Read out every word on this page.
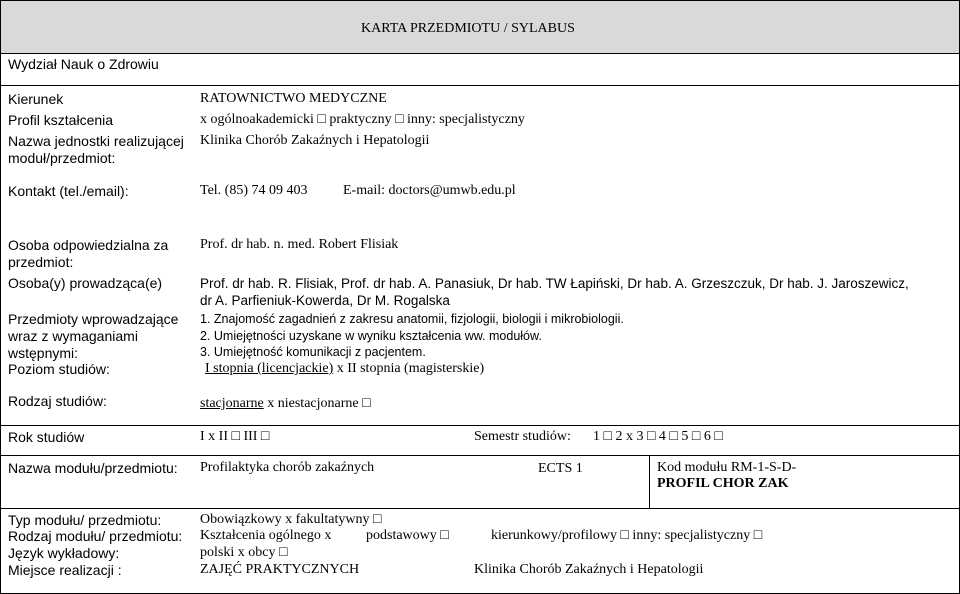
KARTA PRZEDMIOTU / SYLABUS
Wydział Nauk o Zdrowiu
Kierunek	RATOWNICTWO MEDYCZNE
Profil kształcenia	x ogólnoakademicki □ praktyczny □ inny: specjalistyczny
Nazwa jednostki realizującej
moduł/przedmiot:
Klinika Chorób Zakaźnych i Hepatologii
Kontakt (tel./email):	Tel. (85) 74 09 403	E-mail: doctors@umwb.edu.pl
Osoba odpowiedzialna za
przedmiot:
Prof. dr hab. n. med. Robert Flisiak
Osoba(y) prowadząca(e)	Prof. dr hab. R. Flisiak, Prof. dr hab. A. Panasiuk, Dr hab. TW Łapiński, Dr hab. A. Grzeszczuk, Dr hab. J. Jaroszewicz,
dr A. Parfieniuk-Kowerda, Dr M. Rogalska
Przedmioty wprowadzające
wraz z wymaganiami
wstępnymi:
1. Znajomość zagadnień z zakresu anatomii, fizjologii, biologii i mikrobiologii.
2. Umiejętności uzyskane w wyniku kształcenia ww. modułów.
3. Umiejętność komunikacji z pacjentem.
Poziom studiów:	I stopnia (licencjackie) x II stopnia (magisterskie)
Rodzaj studiów:	stacjonarne x niestacjonarne □
Rok studiów	I x II □ III □	Semestr studiów: 1 □ 2 x 3 □ 4 □ 5 □ 6 □
Nazwa modułu/przedmiotu: Profilaktyka chorób zakaźnych	ECTS 1	Kod modułu RM-1-S-D-
PROFIL CHOR ZAK
Typ modułu/ przedmiotu:	Obowiązkowy x fakultatywny □
Rodzaj modułu/ przedmiotu: Kształcenia ogólnego x podstawowy □	kierunkowy/profilowy □ inny: specjalistyczny □
Język wykładowy:	polski x obcy □
Miejsce realizacji :	ZAJĘĆ PRAKTYCZNYCH	Klinika Chorób Zakaźnych i Hepatologii
